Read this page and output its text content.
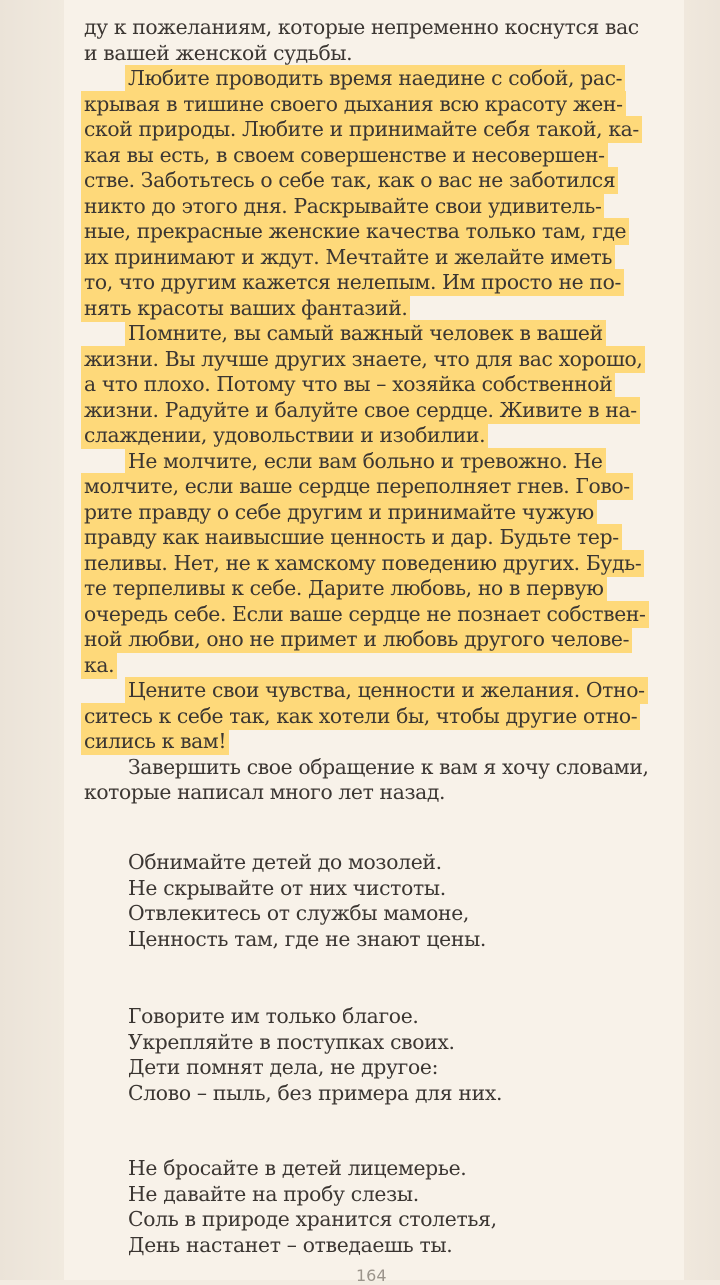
ду к пожеланиям, которые непременно коснутся вас
и вашей женской судьбы.
Любите проводить время наедине с собой, рас-
крывая в тишине своего дыхания всю красоту жен-
ской природы. Любите и принимайте себя такой, ка-
кая вы есть, в своем совершенстве и несовершен-
стве. Заботьтесь о себе так, как о вас не заботился
никто до этого дня. Раскрывайте свои удивитель-
ные, прекрасные женские качества только там, где
их принимают и ждут. Мечтайте и желайте иметь
то, что другим кажется нелепым. Им просто не по-
нять красоты ваших фантазий.
Помните, вы самый важный человек в вашей
жизни. Вы лучше других знаете, что для вас хорошо,
а что плохо. Потому что вы – хозяйка собственной
жизни. Радуйте и балуйте свое сердце. Живите в на-
слаждении, удовольствии и изобилии.
Не молчите, если вам больно и тревожно. Не
молчите, если ваше сердце переполняет гнев. Гово-
рите правду о себе другим и принимайте чужую
правду как наивысшие ценность и дар. Будьте тер-
пеливы. Нет, не к хамскому поведению других. Будь-
те терпеливы к себе. Дарите любовь, но в первую
очередь себе. Если ваше сердце не познает собствен-
ной любви, оно не примет и любовь другого челове-
ка.
Цените свои чувства, ценности и желания. Отно-
ситесь к себе так, как хотели бы, чтобы другие отно-
сились к вам!
Завершить свое обращение к вам я хочу словами,
которые написал много лет назад.
Обнимайте детей до мозолей.
Не скрывайте от них чистоты.
Отвлекитесь от службы мамоне,
Ценность там, где не знают цены.
Говорите им только благое.
Укрепляйте в поступках своих.
Дети помнят дела, не другое:
Слово – пыль, без примера для них.
Не бросайте в детей лицемерье.
Не давайте на пробу слезы.
Соль в природе хранится столетья,
День настанет – отведаешь ты.
164
